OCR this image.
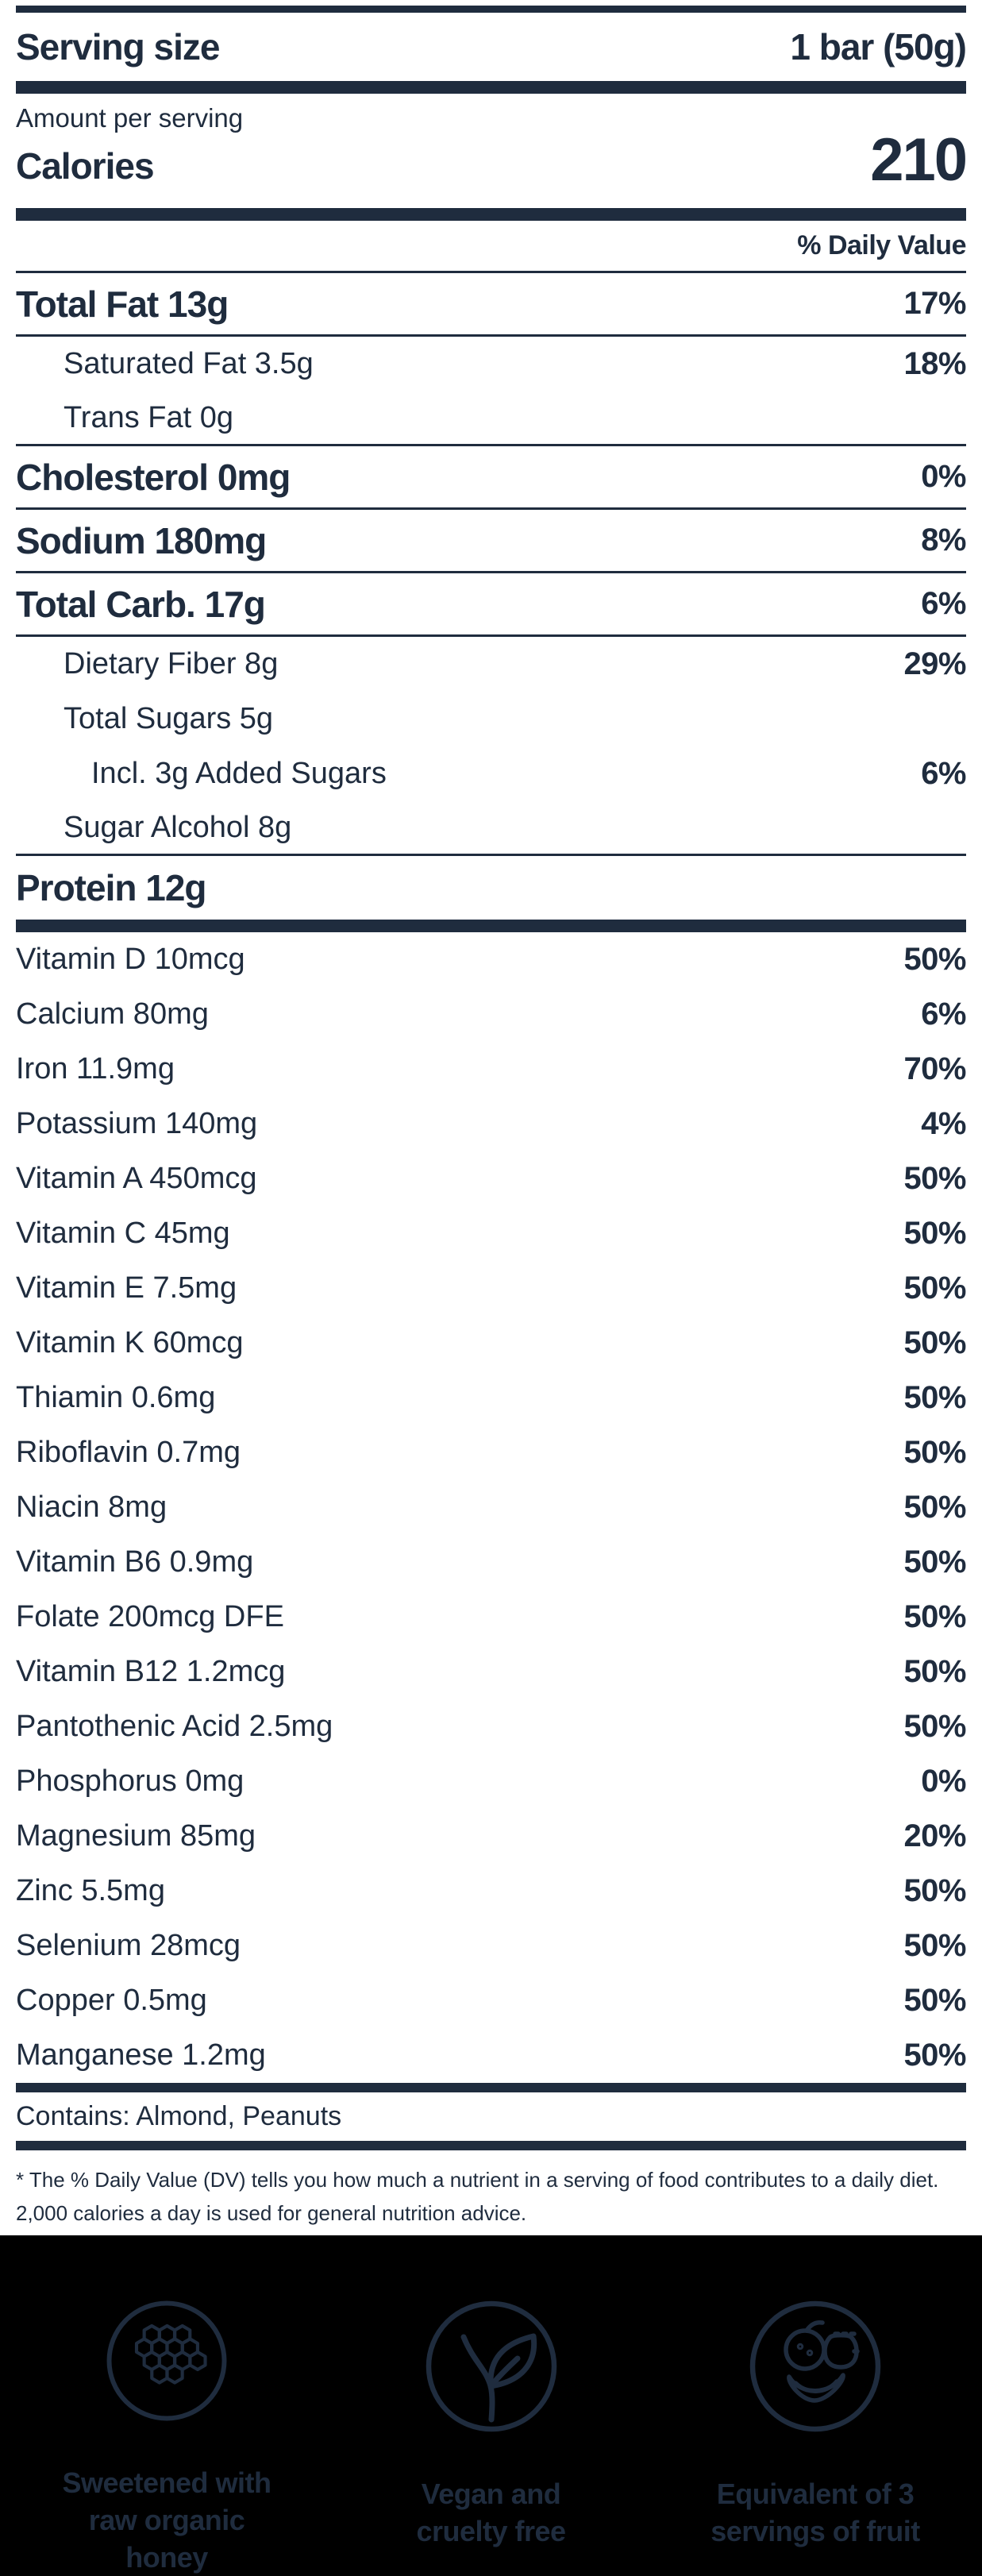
Serving size	1 bar (50g)
Amount per serving
Calories	210
% Daily Value
Total Fat 13g	17%
Saturated Fat 3.5g	18%
Trans Fat 0g
Cholesterol 0mg	0%
Sodium 180mg	8%
Total Carb. 17g	6%
Dietary Fiber 8g	29%
Total Sugars 5g
Incl. 3g Added Sugars	6%
Sugar Alcohol 8g
Protein 12g
Vitamin D 10mcg	50%
Calcium 80mg	6%
Iron 11.9mg	70%
Potassium 140mg	4%
Vitamin A 450mcg	50%
Vitamin C 45mg	50%
Vitamin E 7.5mg	50%
Vitamin K 60mcg	50%
Thiamin 0.6mg	50%
Riboflavin 0.7mg	50%
Niacin 8mg	50%
Vitamin B6 0.9mg	50%
Folate 200mcg DFE	50%
Vitamin B12 1.2mcg	50%
Pantothenic Acid 2.5mg	50%
Phosphorus 0mg	0%
Magnesium 85mg	20%
Zinc 5.5mg	50%
Selenium 28mcg	50%
Copper 0.5mg	50%
Manganese 1.2mg	50%
Contains: Almond, Peanuts
* The % Daily Value (DV) tells you how much a nutrient in a serving of food contributes to a daily diet. 2,000 calories a day is used for general nutrition advice.
Sweetened with
raw organic honey
Vegan and
cruelty free
Equivalent of 3
servings of fruit
